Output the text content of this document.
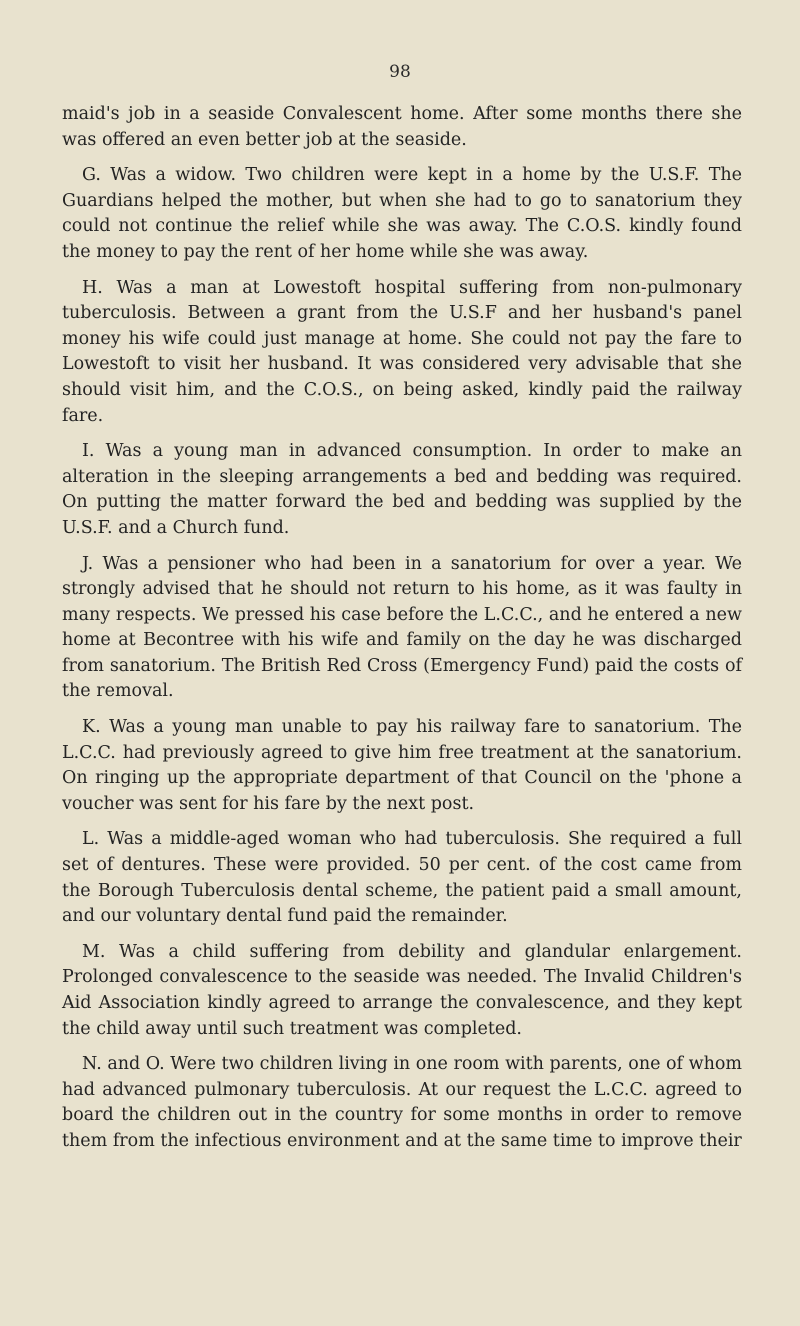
98

maid's job in a seaside Convalescent home. After some months there she was offered an even better job at the seaside.

G. Was a widow. Two children were kept in a home by the U.S.F. The Guardians helped the mother, but when she had to go to sanatorium they could not continue the relief while she was away. The C.O.S. kindly found the money to pay the rent of her home while she was away.

H. Was a man at Lowestoft hospital suffering from non-pulmonary tuberculosis. Between a grant from the U.S.F and her husband's panel money his wife could just manage at home. She could not pay the fare to Lowestoft to visit her husband. It was considered very advisable that she should visit him, and the C.O.S., on being asked, kindly paid the railway fare.

I. Was a young man in advanced consumption. In order to make an alteration in the sleeping arrangements a bed and bedding was required. On putting the matter forward the bed and bedding was supplied by the U.S.F. and a Church fund.

J. Was a pensioner who had been in a sanatorium for over a year. We strongly advised that he should not return to his home, as it was faulty in many respects. We pressed his case before the L.C.C., and he entered a new home at Becontree with his wife and family on the day he was discharged from sanatorium. The British Red Cross (Emergency Fund) paid the costs of the removal.

K. Was a young man unable to pay his railway fare to sanatorium. The L.C.C. had previously agreed to give him free treatment at the sanatorium. On ringing up the appropriate department of that Council on the 'phone a voucher was sent for his fare by the next post.

L. Was a middle-aged woman who had tuberculosis. She required a full set of dentures. These were provided. 50 per cent. of the cost came from the Borough Tuberculosis dental scheme, the patient paid a small amount, and our voluntary dental fund paid the remainder.

M. Was a child suffering from debility and glandular enlargement. Prolonged convalescence to the seaside was needed. The Invalid Children's Aid Association kindly agreed to arrange the convalescence, and they kept the child away until such treatment was completed.

N. and O. Were two children living in one room with parents, one of whom had advanced pulmonary tuberculosis. At our request the L.C.C. agreed to board the children out in the country for some months in order to remove them from the infectious environment and at the same time to improve their
